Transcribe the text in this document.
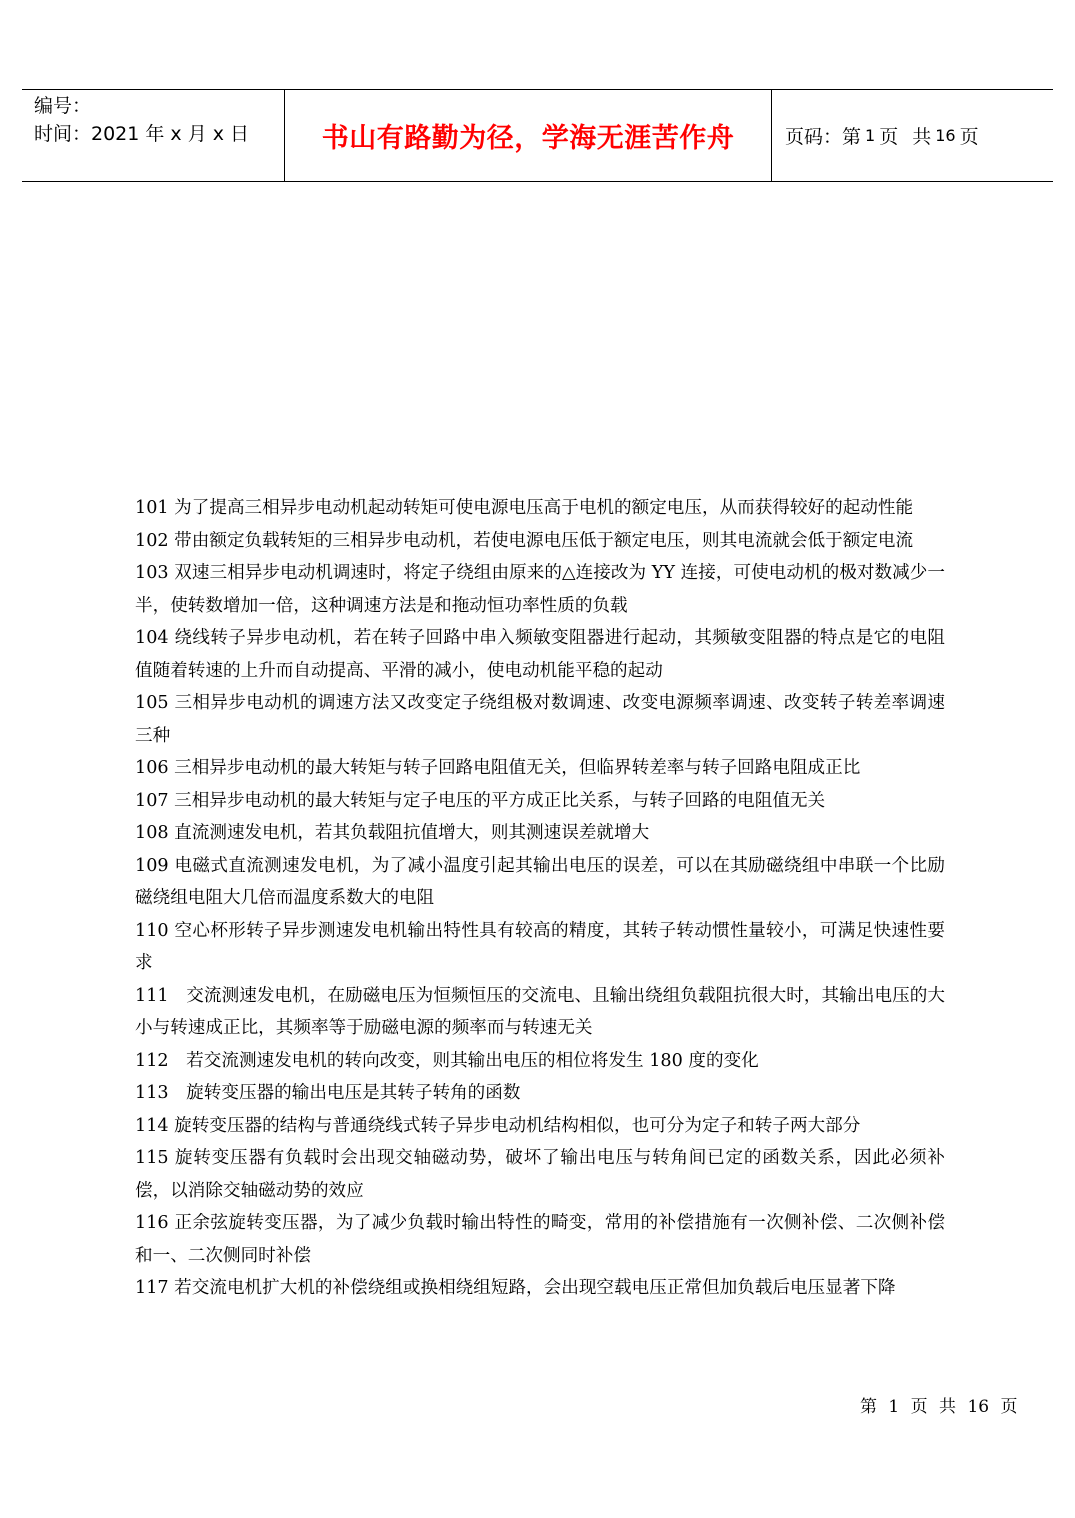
编号：
时间：2021 年 x 月 x 日	书山有路勤为径，学海无涯苦作舟	页码：第 1 页 共 16 页

101 为了提高三相异步电动机起动转矩可使电源电压高于电机的额定电压，从而获得较好的起动性能

102 带由额定负载转矩的三相异步电动机，若使电源电压低于额定电压，则其电流就会低于额定电流

103 双速三相异步电动机调速时，将定子绕组由原来的△连接改为 YY 连接，可使电动机的极对数减少一半，使转数增加一倍，这种调速方法是和拖动恒功率性质的负载

104 绕线转子异步电动机，若在转子回路中串入频敏变阻器进行起动，其频敏变阻器的特点是它的电阻值随着转速的上升而自动提高、平滑的减小，使电动机能平稳的起动

105 三相异步电动机的调速方法又改变定子绕组极对数调速、改变电源频率调速、改变转子转差率调速三种

106 三相异步电动机的最大转矩与转子回路电阻值无关，但临界转差率与转子回路电阻成正比

107 三相异步电动机的最大转矩与定子电压的平方成正比关系，与转子回路的电阻值无关

108 直流测速发电机，若其负载阻抗值增大，则其测速误差就增大

109 电磁式直流测速发电机，为了减小温度引起其输出电压的误差，可以在其励磁绕组中串联一个比励磁绕组电阻大几倍而温度系数大的电阻

110 空心杯形转子异步测速发电机输出特性具有较高的精度，其转子转动惯性量较小，可满足快速性要求

111　交流测速发电机，在励磁电压为恒频恒压的交流电、且输出绕组负载阻抗很大时，其输出电压的大小与转速成正比，其频率等于励磁电源的频率而与转速无关

112　若交流测速发电机的转向改变，则其输出电压的相位将发生 180 度的变化

113　旋转变压器的输出电压是其转子转角的函数

114 旋转变压器的结构与普通绕线式转子异步电动机结构相似，也可分为定子和转子两大部分

115 旋转变压器有负载时会出现交轴磁动势，破坏了输出电压与转角间已定的函数关系，因此必须补偿，以消除交轴磁动势的效应

116 正余弦旋转变压器，为了减少负载时输出特性的畸变，常用的补偿措施有一次侧补偿、二次侧补偿和一、二次侧同时补偿

117 若交流电机扩大机的补偿绕组或换相绕组短路，会出现空载电压正常但加负载后电压显著下降

第 1 页 共 16 页
